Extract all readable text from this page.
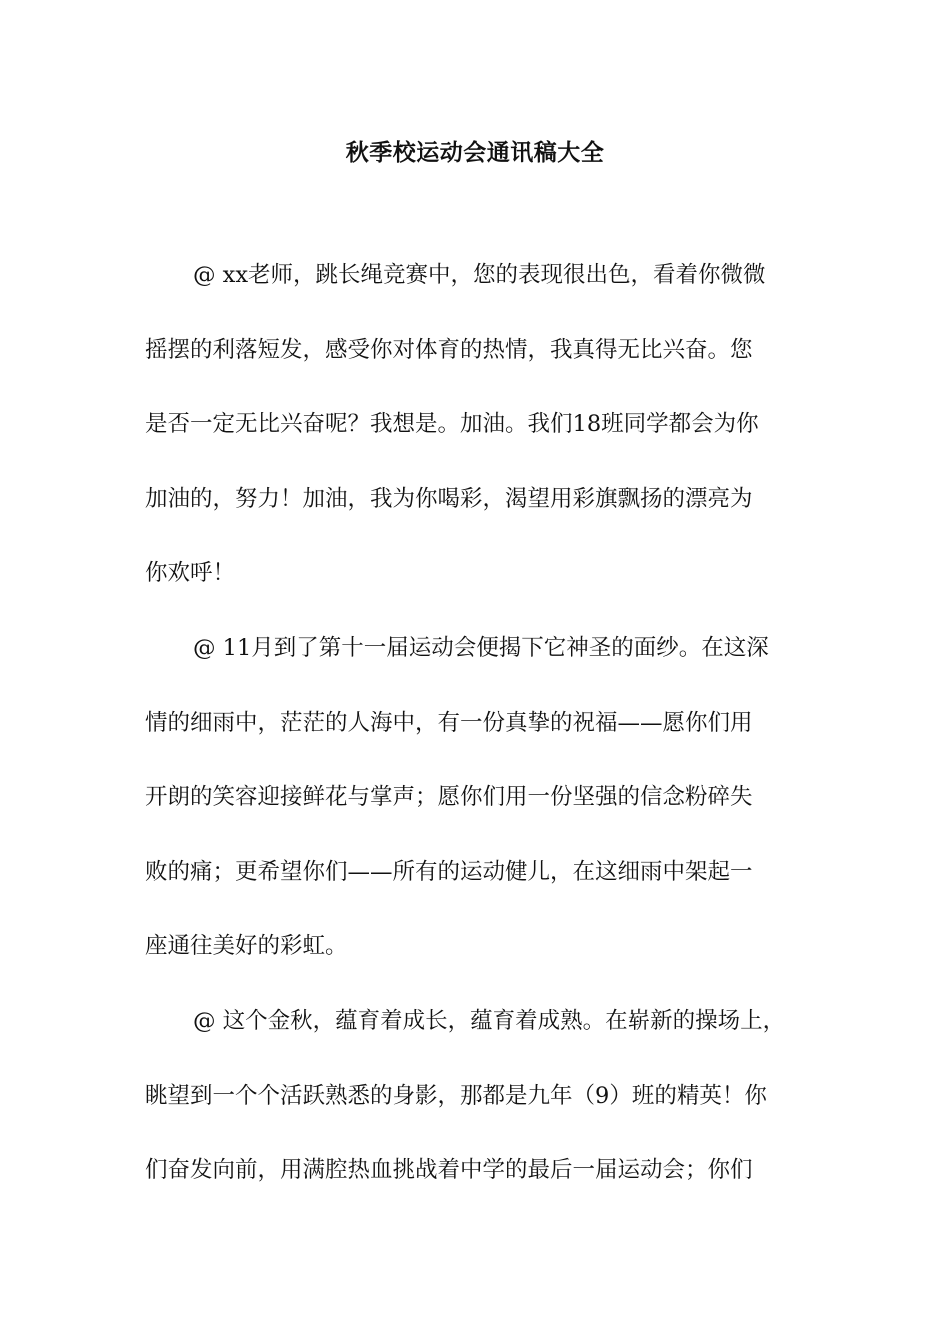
秋季校运动会通讯稿大全
@ xx老师，跳长绳竞赛中，您的表现很出色，看着你微微
摇摆的利落短发，感受你对体育的热情，我真得无比兴奋。您
是否一定无比兴奋呢？我想是。加油。我们18班同学都会为你
加油的，努力！加油，我为你喝彩，渴望用彩旗飘扬的漂亮为
你欢呼！
@ 11月到了第十一届运动会便揭下它神圣的面纱。在这深
情的细雨中，茫茫的人海中，有一份真挚的祝福——愿你们用
开朗的笑容迎接鲜花与掌声；愿你们用一份坚强的信念粉碎失
败的痛；更希望你们——所有的运动健儿，在这细雨中架起一
座通往美好的彩虹。
@ 这个金秋，蕴育着成长，蕴育着成熟。在崭新的操场上，
眺望到一个个活跃熟悉的身影，那都是九年（9）班的精英！你
们奋发向前，用满腔热血挑战着中学的最后一届运动会；你们
